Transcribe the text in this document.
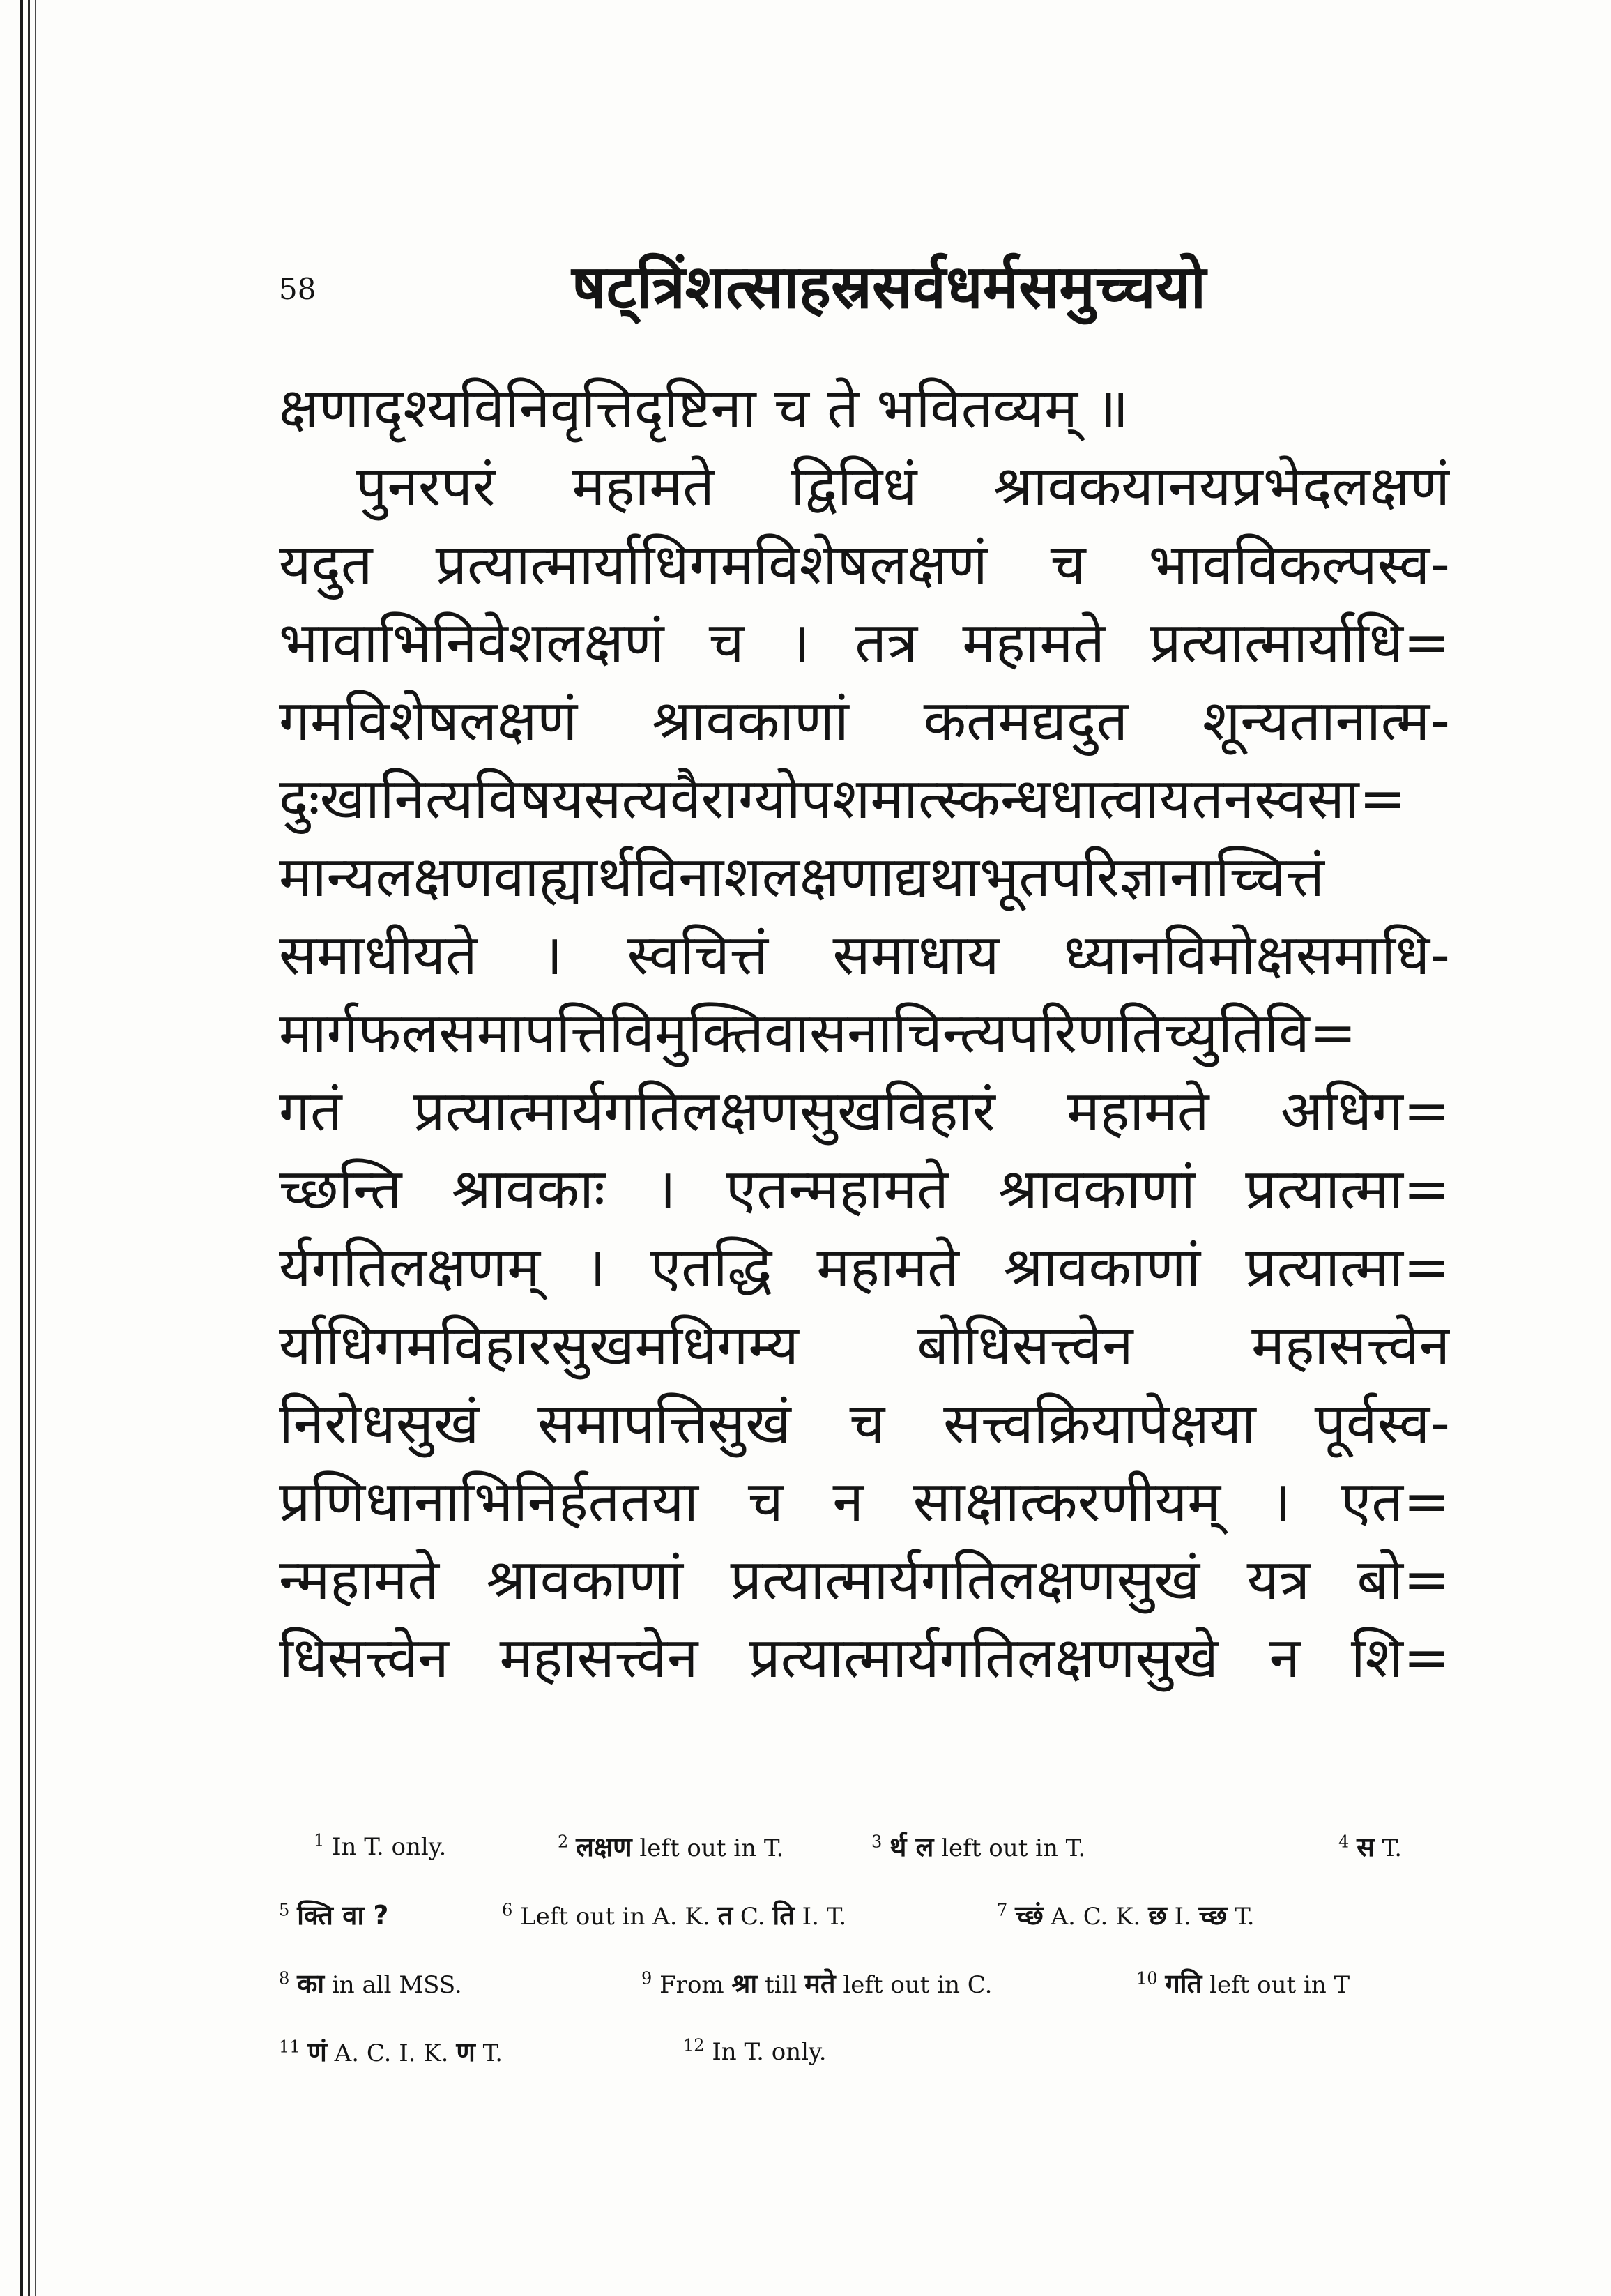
58	षट्त्रिंशत्साहस्रसर्वधर्मसमुच्चयो
क्षणादृश्यविनिवृत्तिदृष्टिना च ते भवितव्यम् ॥
पुनरपरं महामते द्विविधं श्रावकयानयप्रभेदलक्षणं
यदुत प्रत्यात्मार्याधिगमविशेषलक्षणं च भावविकल्पस्व-
भावाभिनिवेशलक्षणं च । तत्र महामते प्रत्यात्मार्याधि=
गमविशेषलक्षणं श्रावकाणां कतमद्यदुत शून्यतानात्म-
दुःखानित्यविषयसत्यवैराग्योपशमात्स्कन्धधात्वायतनस्वसा=
मान्यलक्षणवाह्यार्थविनाशलक्षणाद्यथाभूतपरिज्ञानाच्चित्तं
समाधीयते । स्वचित्तं समाधाय ध्यानविमोक्षसमाधि-
मार्गफलसमापत्तिविमुक्तिवासनाचिन्त्यपरिणतिच्युतिवि=
गतं प्रत्यात्मार्यगतिलक्षणसुखविहारं महामते अधिग=
च्छन्ति श्रावकाः । एतन्महामते श्रावकाणां प्रत्यात्मा=
र्यगतिलक्षणम् । एतद्धि महामते श्रावकाणां प्रत्यात्मा=
र्याधिगमविहारसुखमधिगम्य बोधिसत्त्वेन महासत्त्वेन
निरोधसुखं समापत्तिसुखं च सत्त्वक्रियापेक्षया पूर्वस्व-
प्रणिधानाभिनिर्हततया च न साक्षात्करणीयम् । एत=
न्महामते श्रावकाणां प्रत्यात्मार्यगतिलक्षणसुखं यत्र बो=
धिसत्त्वेन महासत्त्वेन प्रत्यात्मार्यगतिलक्षणसुखे न शि=
$^1$ In T. only.	$^2$ लक्षण left out in T.	$^3$ र्थ ल left out in T.	$^4$ स T.
$^5$ क्ति वा ?	$^6$ Left out in A. K. त C. ति I. T.	$^7$ च्छं A. C. K. छ I. च्छ T.
$^8$ का in all MSS.	$^9$ From श्रा till मते left out in C.	$^{10}$ गति left out in T
$^{11}$ णं A. C. I. K. ण T.	$^{12}$ In T. only.
